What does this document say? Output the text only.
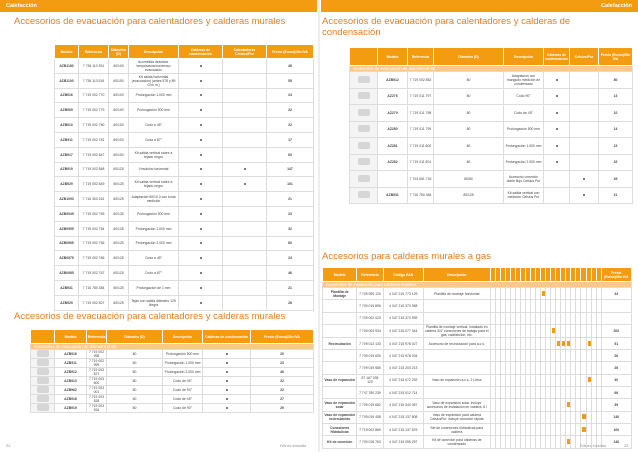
Calefacción	Calefacción
Accesorios de evacuación para calentadores y calderas murales
Modelo	Referencia	Diámetro (D)	Descripción	Calderas de condensación	Calentadores Celsius/Pur	Precio (Euros)/Sin IVA
AZB1180	7 736 110 351	60/100	Acometida desdoba. temperatura/condenso evacuación			48
AZB1100	7 736 110 516	60/100	Kit salida horizontal (evacuación) (antes 978 y 89 G/m m.)			55
AZB916	7 719 002 770	60/100	Prolongación 1.000 mm			24
AZB909	7 719 002 779	60/100	Prolongación 500 mm			22
AZB910	7 719 002 780	60/100	Codo a 45°			22
AZB911	7 719 002 781	60/100	Codo a 87°			17
AZB917	7 719 002 847	60/100	Kit salida vertical sobre a tejado negro			63
AZB919	7 719 002 848	60/125	Vírsulcha horizontal			147
AZB929	7 719 002 849	60/125	Kit salida vertical sobre a tejado negro			101
AZB1093	7 716 303 261	60/125	Adaptación 60/10 0 con toma medición			21
AZB0945	7 719 002 769	60/125	Prolongación 500 mm			23
AZB0955	7 719 002 764	60/125	Prolongación 1.000 mm			32
AZB0965	7 719 002 765	60/125	Prolongación 2.000 mm			60
AZB0975	7 719 002 766	60/125	Codo a 45°			24
AZB0985	7 719 002 767	60/125	Codo a 87°			46
AZB931	7 716 780 384	60/125	Prolongación de 1 mm			21
AZB929	7 719 002 807	60/125	Tejas con salida diámetro 125 Negra			28
Accesorios de evacuación para calentadores y calderas murales
	Modelo	Referencia	Diámetro (D)	Descripción	Calderas de condensación	Precio (Euros)/Sin IVA
Accesorios de evacuación de diámetro Ø 80						
	AZB916	7 719 002 998	80	Prolongación 500 mm		20
	AZB911	7 719 002 999	80	Prolongación 1.000 mm		23
	AZB912	7 719 003 527	80	Prolongación 2.000 mm		46
	AZB913	7 719 003 600	80	Codo de 45°		22
	AZB962	7 719 003 001	80	Codo de 90°		22
	AZB918	7 719 003 528	80	Codo de 45°		27
	AZB919	7 719 003 534	80	Codo de 90°		29
22	IVA no incluido
Accesorios de evacuación para calentadores y calderas de condensación
	Modelo	Referencia	Diámetro (D)	Descripción	Calderas de condensación	Celsius/Pur	Precio (Euros)/Sin IVA
Accesorios de evacuación de diámetro Ø 80							
	AZB912	7 719 002 852	80	Adaptación con manguito medición de condensado			80
	AZ276	7 719 011 797	80	Codo 90°			13
	AZ279	7 719 011 798	80	Codo de 45°			10
	AZ280	7 719 011 799	80	Prolongación 500 mm			14
	AZ281	7 719 011 800	80	Prolongación 1.000 mm			19
	AZ282	7 719 011 801	80	Prolongación 2.000 mm			32
		7 703 651 733	80/80	Accesorio conexión doble flujo Celsius Pur			49
	AZB931	7 716 780 384	80/125	Kit salida vertical con medición Celsius Pur			21
Accesorios para calderas murales a gas
Modelo	Referencia	Código EAN	Descripción																							Precio (Euros)/Sin IVA
Accesorios de instalación para calderas murales																										
Plantilla de Montaje	7 709 995 120	4 047 215 773 129	Plantilla de montaje horizontal																							33
	7 709 019 896	4 047 215 373 958																								
	7 709 002 023	4 047 215 373 939																								
	7 709 003 934	4 047 215 077 344	Plantilla de montaje vertical. Instalado en caldera 3/4" conexiones de trabajo para el gas, calefacción, etc.																							200
Recirculación	7 709 012 133	4 047 215 978 027	Accesorio de recirculación para a.c.s.																							51
	7 709 019 605	4 047 215 978 034																								26
	7 709 019 585	4 047 215 203 213																								26
Vaso de expansión	87 167 035 120	4 047 215 072 292	Vaso de expansión a.c.s. 2 Litros																							40
	7 747 780 239	4 047 215 012 714																								66
Vaso de expansión solar	7 709 019 682	4 047 215 340 057	Vaso de expansión solar, incluye accesorios de instalación en caldera, 8 l																							39
Vaso de expansión recirculación	7 709 019 458	4 047 215 137 808	Vaso de expansión para caldera CelsiusPur, incluye conexión rápida																							140
Conexiones Hidráulicas	7 719 002 869	4 047 215 137 876	Set de conexiones hidráulicas para caldera																							100
Kit de conexión	7 709 018 763	4 047 215 099 257	Kit de conexión para calderas de condensado																							140
IVA no incluido	23
